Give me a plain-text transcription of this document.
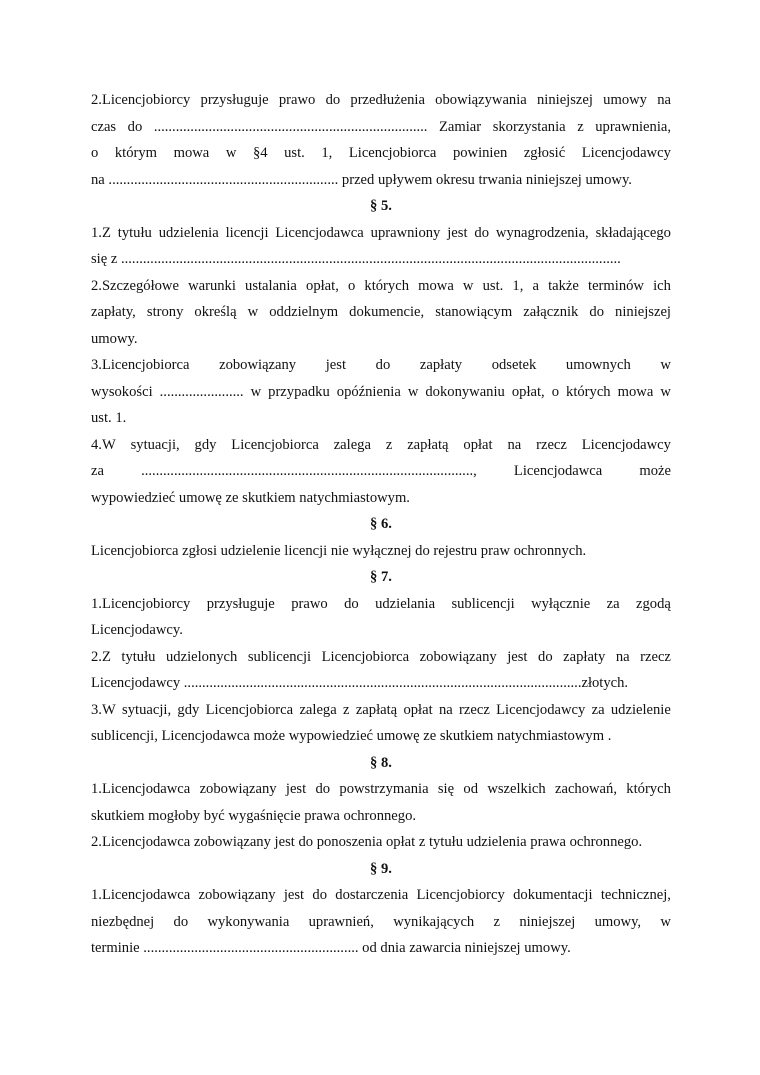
2.Licencjobiorcy przysługuje prawo do przedłużenia obowiązywania niniejszej umowy na
czas do ........................................................................... Zamiar skorzystania z uprawnienia,
o którym mowa w §4 ust. 1, Licencjobiorca powinien zgłosić Licencjodawcy
na ............................................................... przed upływem okresu trwania niniejszej umowy.
§ 5.
1.Z tytułu udzielenia licencji Licencjodawca uprawniony jest do wynagrodzenia, składającego
się z .........................................................................................................................................
2.Szczegółowe warunki ustalania opłat, o których mowa w ust. 1, a także terminów ich
zapłaty, strony określą w oddzielnym dokumencie, stanowiącym załącznik do niniejszej
umowy.
3.Licencjobiorca zobowiązany jest do zapłaty odsetek umownych w
wysokości ....................... w przypadku opóźnienia w dokonywaniu opłat, o których mowa w
ust. 1.
4.W sytuacji, gdy Licencjobiorca zalega z zapłatą opłat na rzecz Licencjodawcy
za	...........................................................................................,	Licencjodawca	może
wypowiedzieć umowę ze skutkiem natychmiastowym.
§ 6.
Licencjobiorca zgłosi udzielenie licencji nie wyłącznej do rejestru praw ochronnych.
§ 7.
1.Licencjobiorcy przysługuje prawo do udzielania sublicencji wyłącznie za zgodą
Licencjodawcy.
2.Z tytułu udzielonych sublicencji Licencjobiorca zobowiązany jest do zapłaty na rzecz
Licencjodawcy .............................................................................................................złotych.
3.W sytuacji, gdy Licencjobiorca zalega z zapłatą opłat na rzecz Licencjodawcy za udzielenie
sublicencji, Licencjodawca może wypowiedzieć umowę ze skutkiem natychmiastowym .
§ 8.
1.Licencjodawca zobowiązany jest do powstrzymania się od wszelkich zachowań, których
skutkiem mogłoby być wygaśnięcie prawa ochronnego.
2.Licencjodawca zobowiązany jest do ponoszenia opłat z tytułu udzielenia prawa ochronnego.
§ 9.
1.Licencjodawca zobowiązany jest do dostarczenia Licencjobiorcy dokumentacji technicznej,
niezbędnej do wykonywania uprawnień, wynikających z niniejszej umowy, w
terminie ........................................................... od dnia zawarcia niniejszej umowy.
